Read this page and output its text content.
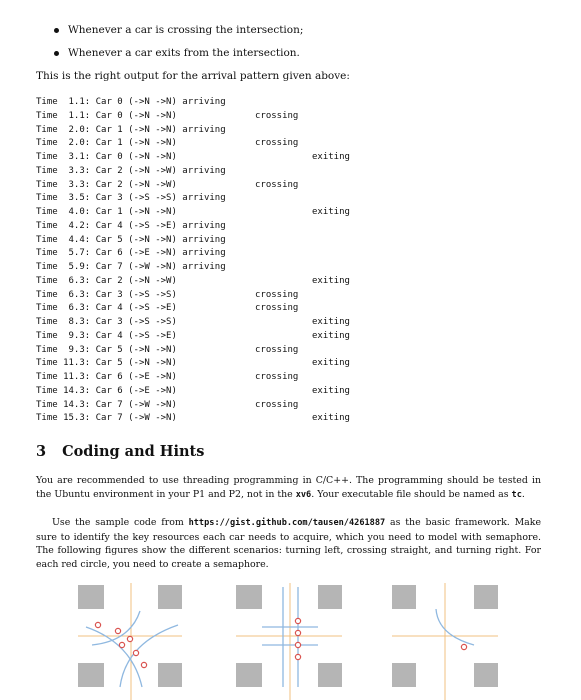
Whenever a car is crossing the intersection;
Whenever a car exits from the intersection.
This is the right output for the arrival pattern given above:
Time  1.1: Car 0 (->N ->N) arriving
Time  1.1: Car 0 (->N ->N)	crossing
Time  2.0: Car 1 (->N ->N) arriving
Time  2.0: Car 1 (->N ->N)	crossing
Time  3.1: Car 0 (->N ->N)	exiting
Time  3.3: Car 2 (->N ->W) arriving
Time  3.3: Car 2 (->N ->W)	crossing
Time  3.5: Car 3 (->S ->S) arriving
Time  4.0: Car 1 (->N ->N)	exiting
Time  4.2: Car 4 (->S ->E) arriving
Time  4.4: Car 5 (->N ->N) arriving
Time  5.7: Car 6 (->E ->N) arriving
Time  5.9: Car 7 (->W ->N) arriving
Time  6.3: Car 2 (->N ->W)	exiting
Time  6.3: Car 3 (->S ->S)	crossing
Time  6.3: Car 4 (->S ->E)	crossing
Time  8.3: Car 3 (->S ->S)	exiting
Time  9.3: Car 4 (->S ->E)	exiting
Time  9.3: Car 5 (->N ->N)	crossing
Time 11.3: Car 5 (->N ->N)	exiting
Time 11.3: Car 6 (->E ->N)	crossing
Time 14.3: Car 6 (->E ->N)	exiting
Time 14.3: Car 7 (->W ->N)	crossing
Time 15.3: Car 7 (->W ->N)	exiting
3 Coding and Hints

You are recommended to use threading programming in C/C++. The programming should be tested in the Ubuntu environment in your P1 and P2, not in the xv6. Your executable file should be named as tc.

Use the sample code from https://gist.github.com/tausen/4261887 as the basic framework. Make sure to identify the key resources each car needs to acquire, which you need to model with semaphore. The following figures show the different scenarios: turning left, crossing straight, and turning right. For each red circle, you need to create a semaphore.
